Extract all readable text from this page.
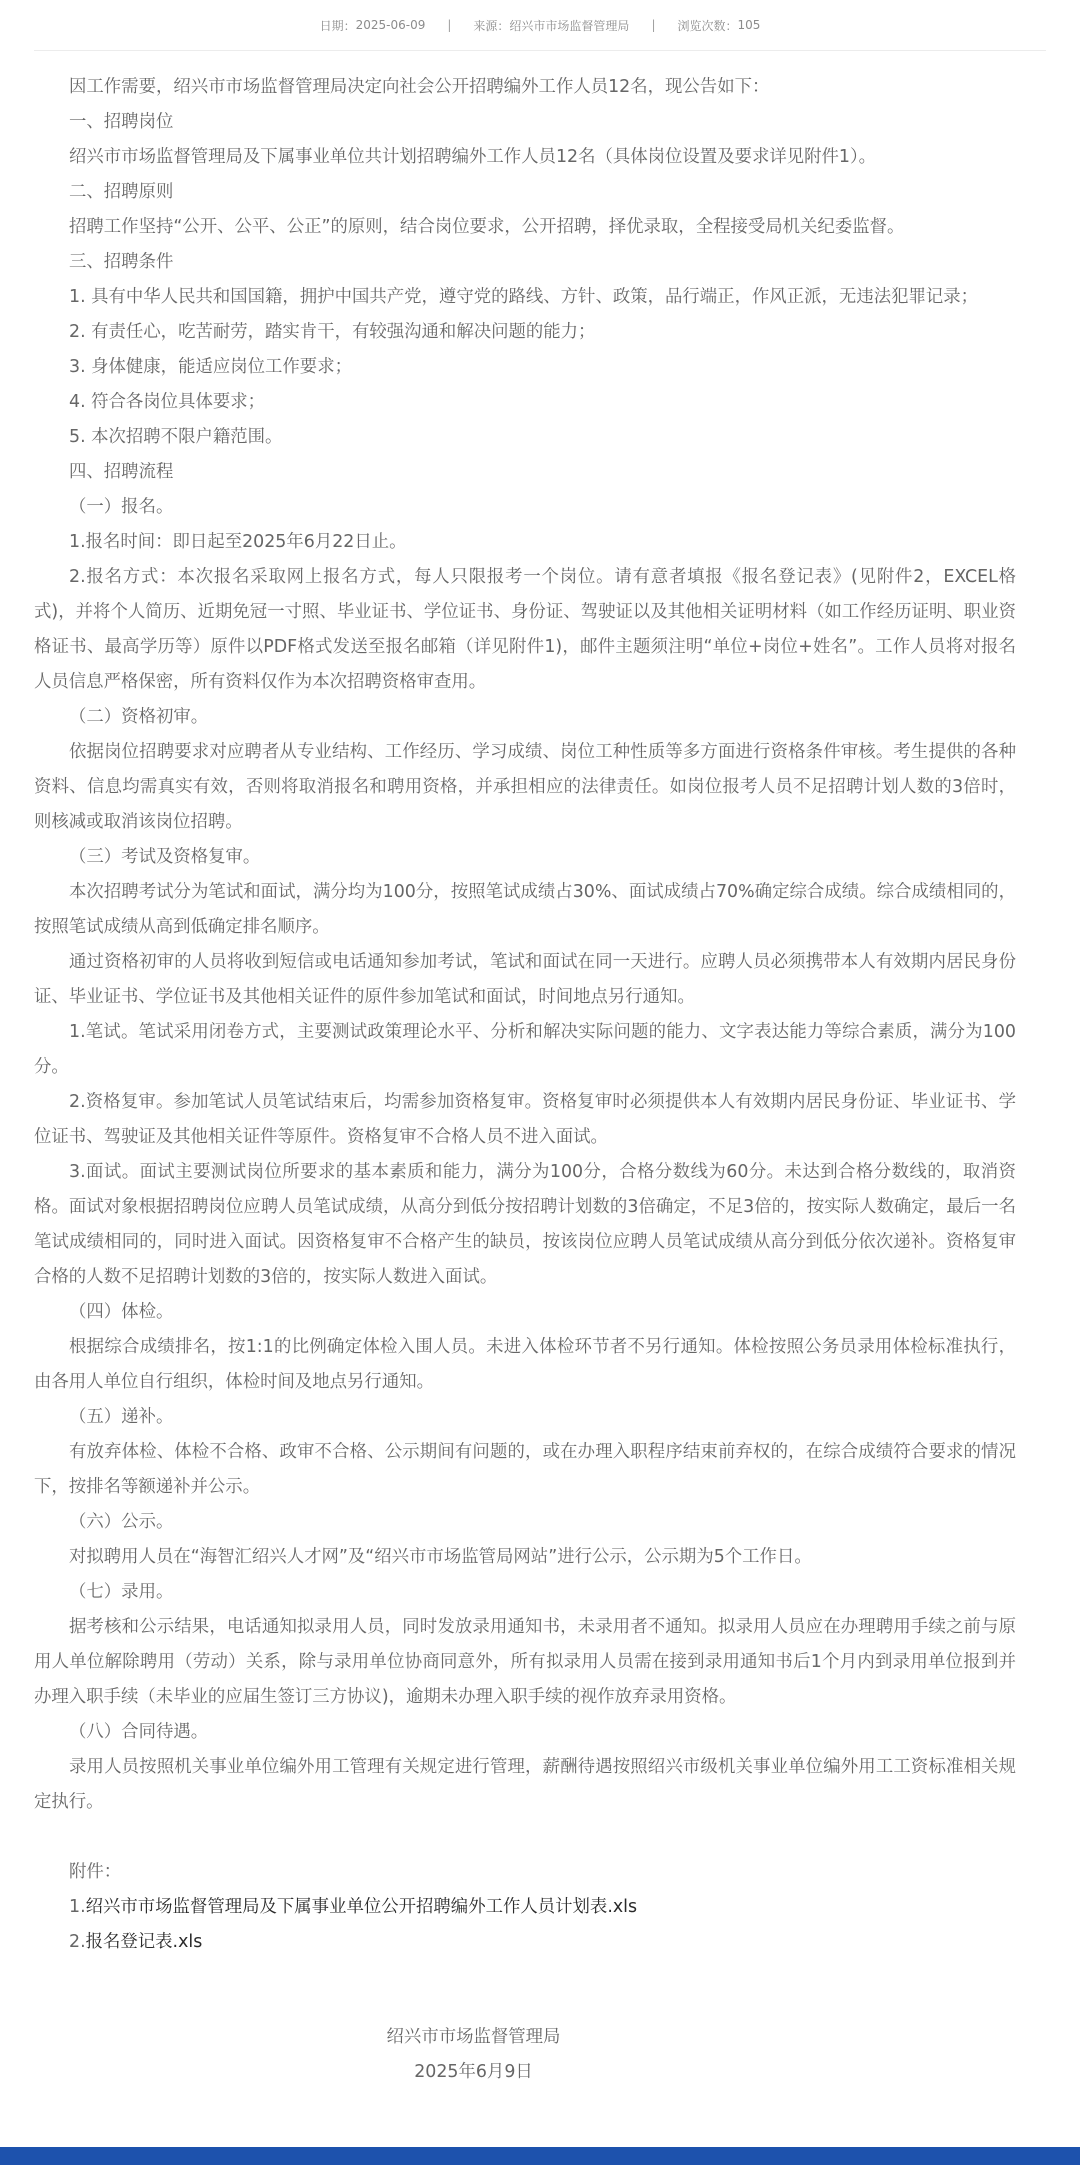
日期： 2025-06-09 | 来源： 绍兴市市场监督管理局 | 浏览次数： 105

因工作需要，绍兴市市场监督管理局决定向社会公开招聘编外工作人员12名，现公告如下：

一、招聘岗位

绍兴市市场监督管理局及下属事业单位共计划招聘编外工作人员12名（具体岗位设置及要求详见附件1）。

二、招聘原则

招聘工作坚持“公开、公平、公正”的原则，结合岗位要求，公开招聘，择优录取，全程接受局机关纪委监督。

三、招聘条件

1. 具有中华人民共和国国籍，拥护中国共产党，遵守党的路线、方针、政策，品行端正，作风正派，无违法犯罪记录；

2. 有责任心，吃苦耐劳，踏实肯干，有较强沟通和解决问题的能力；

3. 身体健康，能适应岗位工作要求；

4. 符合各岗位具体要求；

5. 本次招聘不限户籍范围。

四、招聘流程

（一）报名。

1.报名时间：即日起至2025年6月22日止。

2.报名方式：本次报名采取网上报名方式，每人只限报考一个岗位。请有意者填报《报名登记表》(见附件2，EXCEL格式)，并将个人简历、近期免冠一寸照、毕业证书、学位证书、身份证、驾驶证以及其他相关证明材料（如工作经历证明、职业资格证书、最高学历等）原件以PDF格式发送至报名邮箱（详见附件1)，邮件主题须注明“单位+岗位+姓名”。工作人员将对报名人员信息严格保密，所有资料仅作为本次招聘资格审查用。

（二）资格初审。

依据岗位招聘要求对应聘者从专业结构、工作经历、学习成绩、岗位工种性质等多方面进行资格条件审核。考生提供的各种资料、信息均需真实有效，否则将取消报名和聘用资格，并承担相应的法律责任。如岗位报考人员不足招聘计划人数的3倍时，则核减或取消该岗位招聘。

（三）考试及资格复审。

本次招聘考试分为笔试和面试，满分均为100分，按照笔试成绩占30%、面试成绩占70%确定综合成绩。综合成绩相同的，按照笔试成绩从高到低确定排名顺序。

通过资格初审的人员将收到短信或电话通知参加考试，笔试和面试在同一天进行。应聘人员必须携带本人有效期内居民身份证、毕业证书、学位证书及其他相关证件的原件参加笔试和面试，时间地点另行通知。

1.笔试。笔试采用闭卷方式，主要测试政策理论水平、分析和解决实际问题的能力、文字表达能力等综合素质，满分为100分。

2.资格复审。参加笔试人员笔试结束后，均需参加资格复审。资格复审时必须提供本人有效期内居民身份证、毕业证书、学位证书、驾驶证及其他相关证件等原件。资格复审不合格人员不进入面试。

3.面试。面试主要测试岗位所要求的基本素质和能力，满分为100分，合格分数线为60分。未达到合格分数线的，取消资格。面试对象根据招聘岗位应聘人员笔试成绩，从高分到低分按招聘计划数的3倍确定，不足3倍的，按实际人数确定，最后一名笔试成绩相同的，同时进入面试。因资格复审不合格产生的缺员，按该岗位应聘人员笔试成绩从高分到低分依次递补。资格复审合格的人数不足招聘计划数的3倍的，按实际人数进入面试。

（四）体检。

根据综合成绩排名，按1:1的比例确定体检入围人员。未进入体检环节者不另行通知。体检按照公务员录用体检标准执行，由各用人单位自行组织，体检时间及地点另行通知。

（五）递补。

有放弃体检、体检不合格、政审不合格、公示期间有问题的，或在办理入职程序结束前弃权的，在综合成绩符合要求的情况下，按排名等额递补并公示。

（六）公示。

对拟聘用人员在“海智汇绍兴人才网”及“绍兴市市场监管局网站”进行公示，公示期为5个工作日。

（七）录用。

据考核和公示结果，电话通知拟录用人员，同时发放录用通知书，未录用者不通知。拟录用人员应在办理聘用手续之前与原用人单位解除聘用（劳动）关系，除与录用单位协商同意外，所有拟录用人员需在接到录用通知书后1个月内到录用单位报到并办理入职手续（未毕业的应届生签订三方协议)，逾期未办理入职手续的视作放弃录用资格。

（八）合同待遇。

录用人员按照机关事业单位编外用工管理有关规定进行管理，薪酬待遇按照绍兴市级机关事业单位编外用工工资标准相关规定执行。

附件：

1.绍兴市市场监督管理局及下属事业单位公开招聘编外工作人员计划表.xls

2.报名登记表.xls

绍兴市市场监督管理局
2025年6月9日
